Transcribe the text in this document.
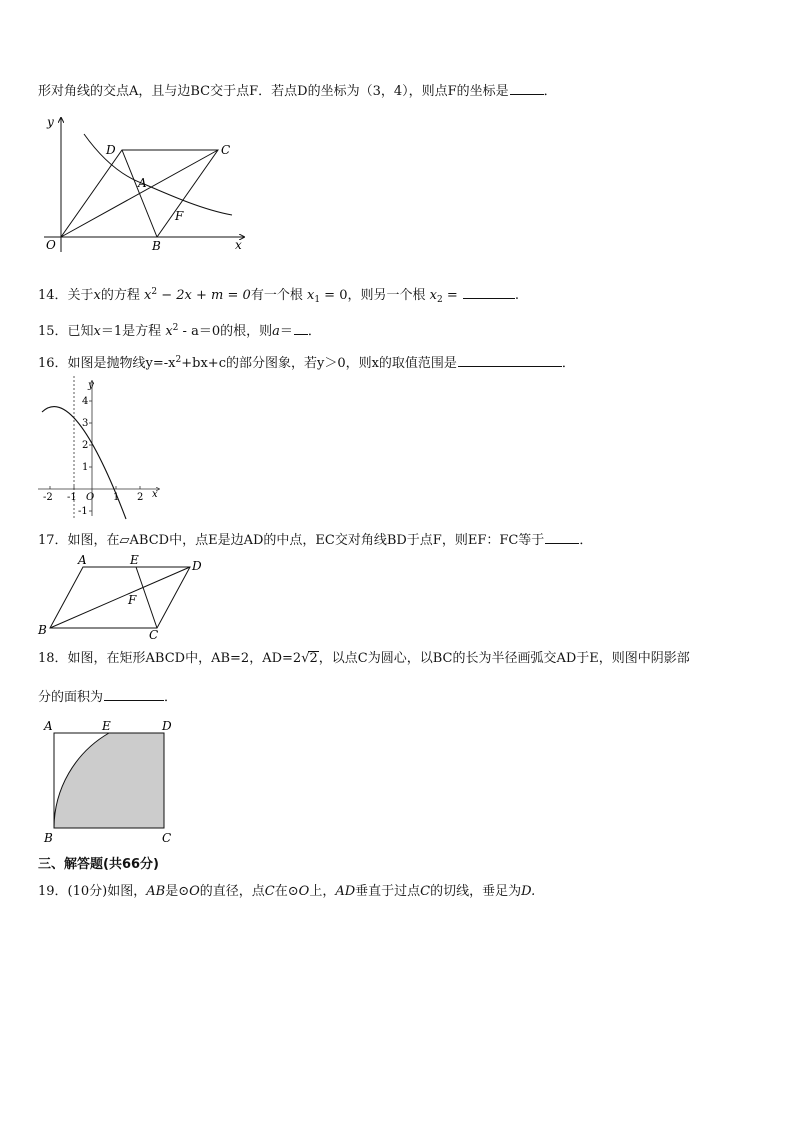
形对角线的交点A，且与边BC交于点F．若点D的坐标为（3，4），则点F的坐标是	．
y
x
O	B
C
D
A
F
14．关于x的方程 $x^2 - 2x + m = 0$有一个根 $x_1 = 0$，则另一个根 $x_2$ =	.
15．已知x＝1是方程 $x^2 - a=0$的根，则a＝ ．
16．如图是抛物线$y=-x^2+bx+c$的部分图象，若y＞0，则x的取值范围是	．
y
x
O
4
3
2
1
-1
-2 -1	1 2
17．如图，在▱ABCD中，点E是边AD的中点，EC交对角线BD于点F，则EF：FC等于	．
A	E	D
F
B	C
18．如图，在矩形ABCD中，AB=2，AD=2√2，以点C为圆心，以BC的长为半径画弧交AD于E，则图中阴影部
分的面积为	．
A	E	D
B	C
三、解答题(共66分)
19．(10分)如图，AB是⊙O的直径，点C在⊙O上，AD垂直于过点C的切线，垂足为D.
